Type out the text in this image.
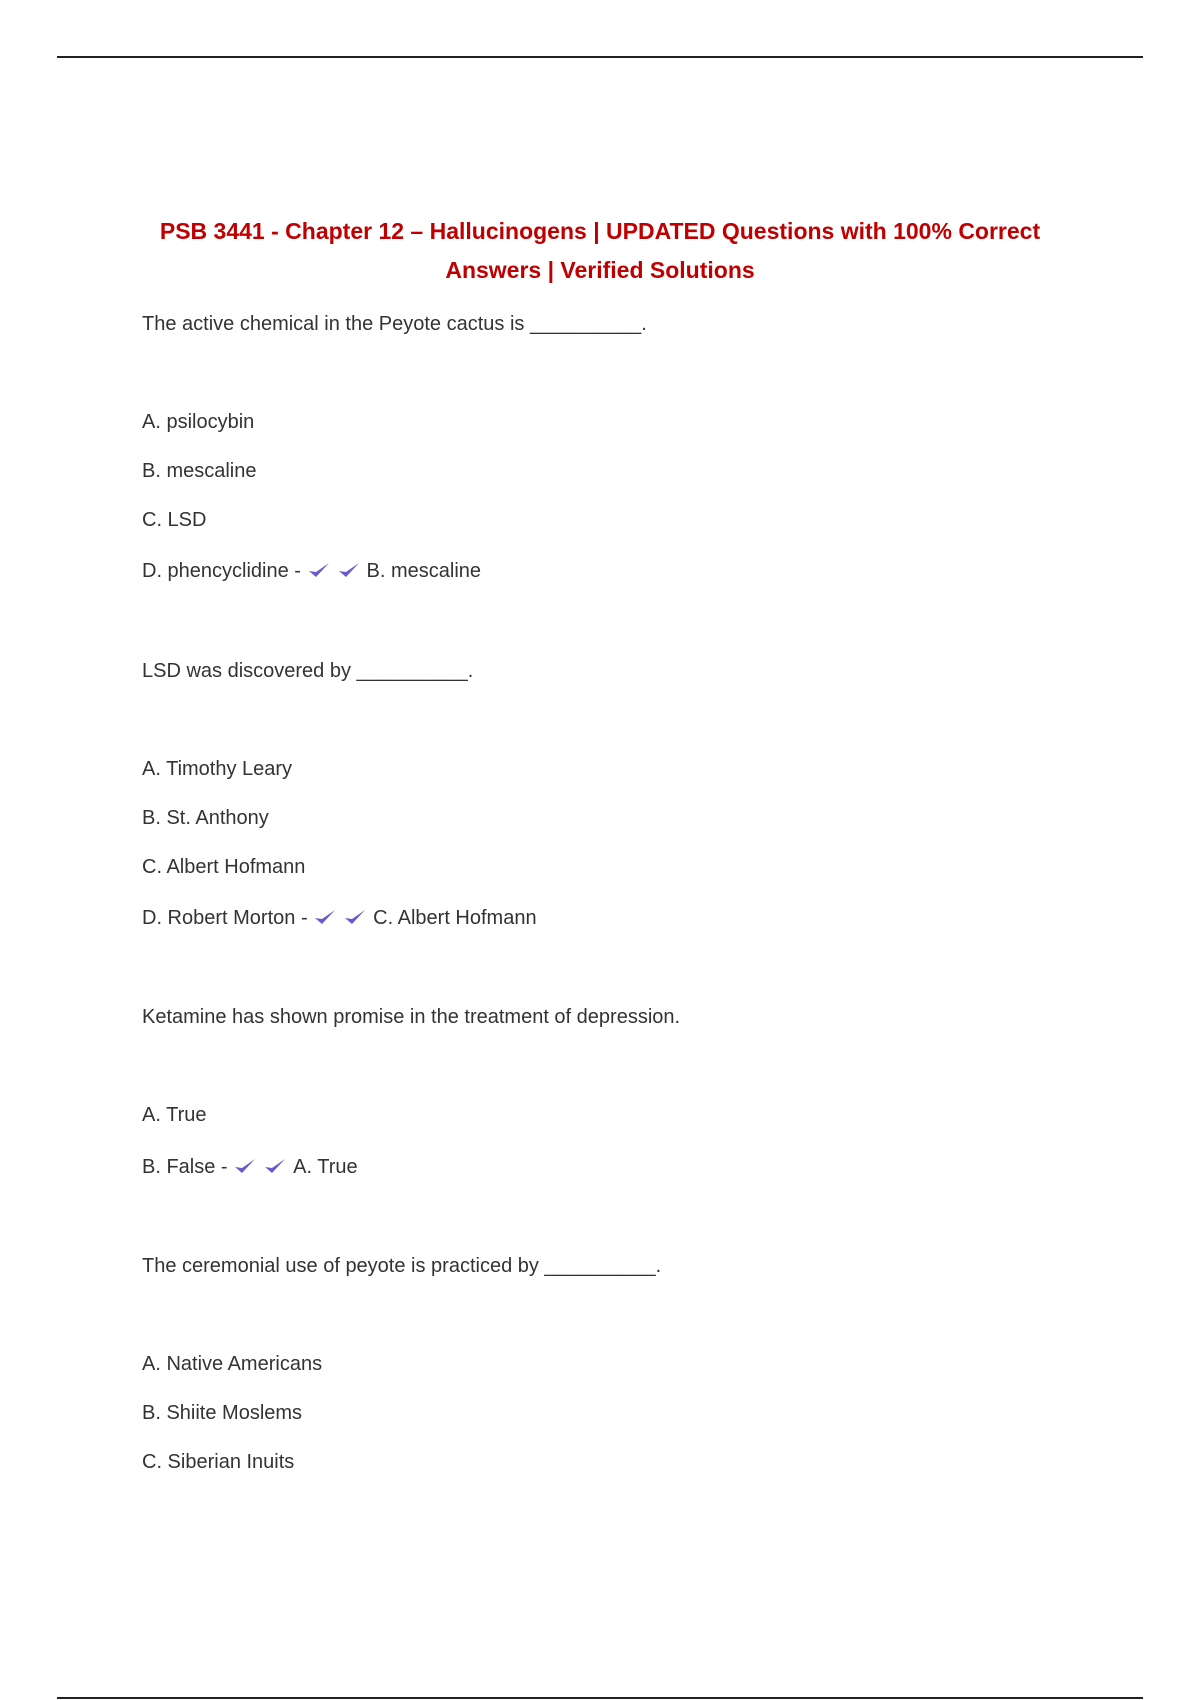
PSB 3441 - Chapter 12 – Hallucinogens | UPDATED Questions with 100% Correct Answers | Verified Solutions
The active chemical in the Peyote cactus is __________.
A. psilocybin
B. mescaline
C. LSD
D. phencyclidine -	B. mescaline
LSD was discovered by __________.
A. Timothy Leary
B. St. Anthony
C. Albert Hofmann
D. Robert Morton -	C. Albert Hofmann
Ketamine has shown promise in the treatment of depression.
A. True
B. False -	A. True
The ceremonial use of peyote is practiced by __________.
A. Native Americans
B. Shiite Moslems
C. Siberian Inuits
